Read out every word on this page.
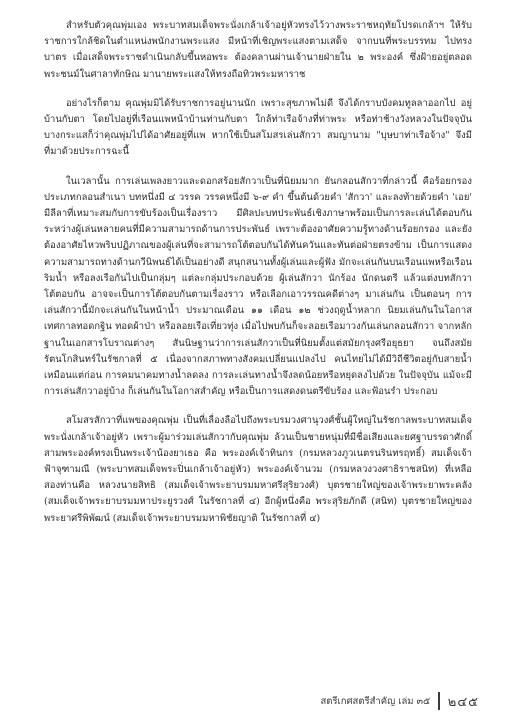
สำหรับตัวคุณพุ่มเอง พระบาทสมเด็จพระนั่งเกล้าเจ้าอยู่หัวทรงไว้วางพระราชหฤทัยโปรดเกล้าฯ ให้รับราชการใกล้ชิดในตำแหน่งพนักงานพระแสง มีหน้าที่เชิญพระแสงตามเสด็จ จากบนที่พระบรรทม ไปทรงบาตร เมื่อเสด็จพระราชดำเนินกลับขึ้นหอพระ ต้องคลานผ่านเจ้านายฝ่ายใน ๒ พระองค์ ซึ่งฝ้ายอยู่ตลอดพระชนม์ในศาลาทักษิณ มานายพระแสงให้ทรงถือทิวพระมหาราช

อย่างไรก็ตาม คุณพุ่มมิได้รับราชการอยู่นานนัก เพราะสุขภาพไม่ดี จึงได้กราบบังคมทูลลาออกไป อยู่บ้านกับตา โดยไปอยู่ที่เรือนแพหน้าบ้านท่านกับตา ใกล้ท่าเรือจ้างที่ท่าพระ หรือท่าช้างวังหลวงในปัจจุบัน บางกระแสก็ว่าคุณพุ่มไปได้อาศัยอยู่ที่แพ หากใช้เป็นสโมสรเล่นสักวา สมญานาม "บุษบาท่าเรือจ้าง" จึงมีที่มาด้วยประการฉะนี้

ในเวลานั้น การเล่นเพลงยาวและดอกสร้อยสักวาเป็นที่นิยมมาก ยันกลอนสักวาที่กล่าวนี้ คือร้อยกรองประเภทกลอนสำเนา บทหนึ่งมี ๔ วรรค วรรคหนึ่งมี ๖-๙ คำ ขึ้นต้นด้วยคำ 'สักวา' และลงท้ายด้วยคำ 'เอย' มีลีลาที่เหมาะสมกับการขับร้องเป็นเรื่องราว มีศิลปะบทประพันธ์เชิงภาษาพร้อมเป็นการละเล่นได้ตอบกันระหว่างผู้เล่นหลายคนที่มีความสามารถด้านการประพันธ์ เพราะต้องอาศัยความรู้ทางด้านร้อยกรอง และยังต้องอาศัยไหวพริบปฏิภาณของผู้เล่นที่จะสามารถโต้ตอบกันได้ทันควันและทันต่อฝ่ายตรงข้าม เป็นการแสดงความสามารถทางด้านกวีนิพนธ์ได้เป็นอย่างดี สนุกสนานทั้งผู้เล่นและผู้ฟัง มักจะเล่นกันบนเรือนแพหรือเรือนริมน้ำ หรือลงเรือกันไปเป็นกลุ่มๆ แต่ละกลุ่มประกอบด้วย ผู้เล่นสักวา นักร้อง นักดนตรี แล้วแต่งบทสักวาโต้ตอบกัน อาจจะเป็นการโต้ตอบกันตามเรื่องราว หรือเลือกเอาวรรณคดีต่างๆ มาเล่นกัน เป็นตอนๆ การเล่นสักวานี้มักจะเล่นกันในหน้าน้ำ ประมาณเดือน ๑๑ เดือน ๑๒ ช่วงฤดูน้ำหลาก นิยมเล่นกันในโอกาสเทศกาลทอดกฐิน ทอดผ้าป่า หรือลอยเรือเที่ยวทุ่ง เมื่อไปพบกันก็จะลอยเรือมาวงกันเล่นกลอนสักวา จากหลักฐานในเอกสารโบราณต่างๆ สันนิษฐานว่าการเล่นสักวาเป็นที่นิยมตั้งแต่สมัยกรุงศรีอยุธยา จนถึงสมัยรัตนโกสินทร์ในรัชกาลที่ ๕ เนื่องจากสภาพทางสังคมเปลี่ยนแปลงไป คนไทยไม่ได้มีวิถีชีวิตอยู่กับสายน้ำเหมือนแต่ก่อน การคมนาคมทางน้ำลดลง การละเล่นทางน้ำจึงลดน้อยหรือหยุดลงไปด้วย ในปัจจุบัน แม้จะมีการเล่นสักวาอยู่บ้าง ก็เล่นกันในโอกาสสำคัญ หรือเป็นการแสดงดนตรีขับร้อง และฟ้อนรำ ประกอบ

สโมสรสักวาที่แพของคุณพุ่ม เป็นที่เลื่องลือไปถึงพระบรมวงศานุวงศ์ชั้นผู้ใหญ่ในรัชกาลพระบาทสมเด็จพระนั่งเกล้าเจ้าอยู่หัว เพราะผู้มาร่วมเล่นสักวากับคุณพุ่ม ล้วนเป็นชายหนุ่มที่มีชื่อเสียงและยศฐาบรรดาศักดิ์ สามพระองค์ทรงเป็นพระเจ้าน้องยาเธอ คือ พระองค์เจ้าทินกร (กรมหลวงภูวเนตรนรินทรฤทธิ์) สมเด็จเจ้าฟ้าจุฑามณี (พระบาทสมเด็จพระปิ่นเกล้าเจ้าอยู่หัว) พระองค์เจ้านวม (กรมหลวงวงศาธิราชสนิท) ที่เหลือสองท่านคือ หลวงนายสิทธิ (สมเด็จเจ้าพระยาบรมมหาศรีสุริยวงศ์) บุตรชายใหญ่ของเจ้าพระยาพระคลัง (สมเด็จเจ้าพระยาบรมมหาประยูรวงศ์ ในรัชกาลที่ ๔) อีกผู้หนึ่งคือ พระสุริยภักดี (สนิท) บุตรชายใหญ่ของพระยาศรีพิพัฒน์ (สมเด็จเจ้าพระยาบรมมหาพิชัยญาติ ในรัชกาลที่ ๔)

สตรีเกศสตรีสำคัญ เล่ม ๓๕ ๒๔๕
